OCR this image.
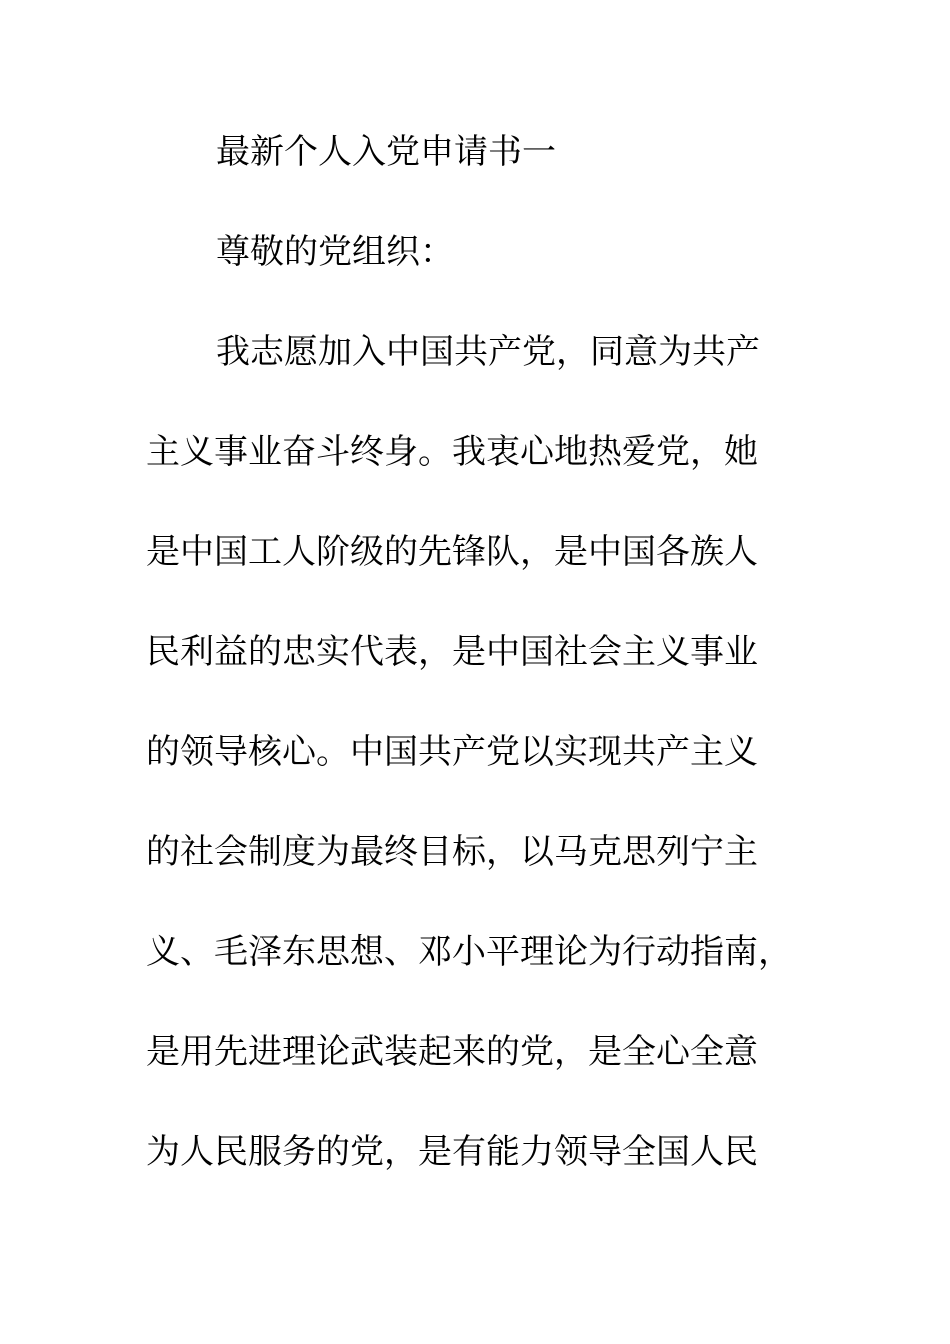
最新个人入党申请书一
尊敬的党组织：
我志愿加入中国共产党，同意为共产
主义事业奋斗终身。我衷心地热爱党，她
是中国工人阶级的先锋队，是中国各族人
民利益的忠实代表，是中国社会主义事业
的领导核心。中国共产党以实现共产主义
的社会制度为最终目标，以马克思列宁主
义、毛泽东思想、邓小平理论为行动指南，
是用先进理论武装起来的党，是全心全意
为人民服务的党，是有能力领导全国人民
